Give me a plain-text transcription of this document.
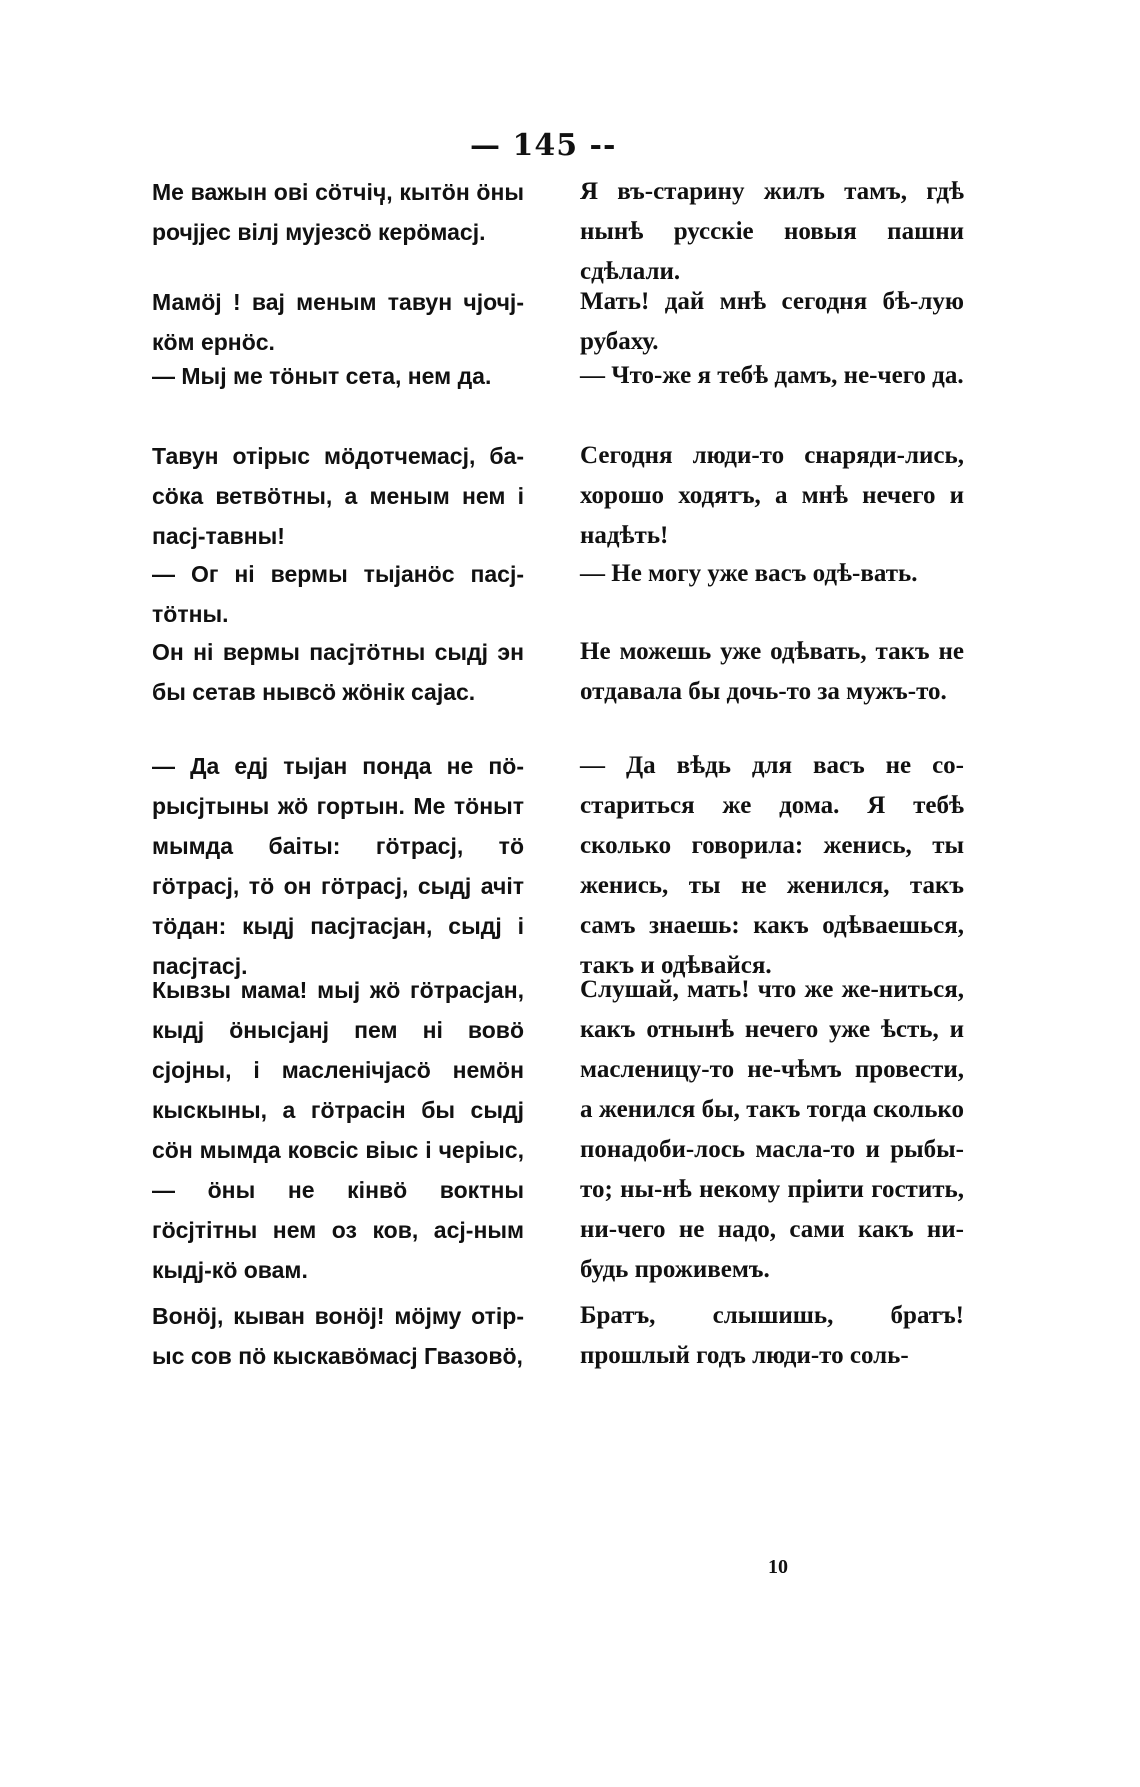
— 145 --

Ме важын ові сӧтчіӌ, кытӧн ӧны рочјјес вілј мујезсӧ керӧмасј.

Мамӧј ! вај меным тавун чјочј-кӧм ернӧс.

— Мыј ме тӧныт сета, нем да.

Тавун отірыс мӧдотчемасј, ба-сӧка ветвӧтны, а меным нем і пасј-тавны!

— Ог ні вермы тыјанӧс пасј-тӧтны.

Он ні вермы пасјтӧтны сыдј эн бы сетав нывсӧ жӧнік сајас.

— Да едј тыјан понда не пӧ-рысјтыны жӧ гортын. Ме тӧныт мымда баіты: гӧтрасј, тӧ гӧтрасј, тӧ он гӧтрасј, сыдј ачіт тӧдан: кыдј пасјтасјан, сыдј і пасјтасј.

Кывзы мама! мыј жӧ гӧтрасјан, кыдј ӧнысјанј пем ні вовӧ сјојны, і масленічјасӧ немӧн кыскыны, а гӧтрасін бы сыдј сӧн мымда ковсіс віыс і черіыс, — ӧны не кінвӧ воктны гӧсјтітны нем оз ков, асј-ным кыдј-кӧ овам.

Вонӧј, кыван вонӧј! мӧјму отір-ыс сов пӧ кыскавӧмасј Гвазовӧ,

Я въ-старину жилъ тамъ, гдѣ нынѣ русскіе новыя пашни сдѣлали.

Мать! дай мнѣ сегодня бѣ-лую рубаху.

— Что-же я тебѣ дамъ, не-чего да.

Сегодня люди-то снаряди-лись, хорошо ходятъ, а мнѣ нечего и надѣть!

— Не могу уже васъ одѣ-вать.

Не можешь уже одѣвать, такъ не отдавала бы дочь-то за мужъ-то.

— Да вѣдь для васъ не со-стариться же дома. Я тебѣ сколько говорила: женись, ты женись, ты не женился, такъ самъ знаешь: какъ одѣваешься, такъ и одѣвайся.

Слушай, мать! что же же-ниться, какъ отнынѣ нечего уже ѣсть, и масленицу-то не-чѣмъ провести, а женился бы, такъ тогда сколько понадоби-лось масла-то и рыбы-то; ны-нѣ некому пріити гостить, ни-чего не надо, сами какъ ни-будь проживемъ.

Братъ, слышишь, братъ! прошлый годъ люди-то соль-

10
